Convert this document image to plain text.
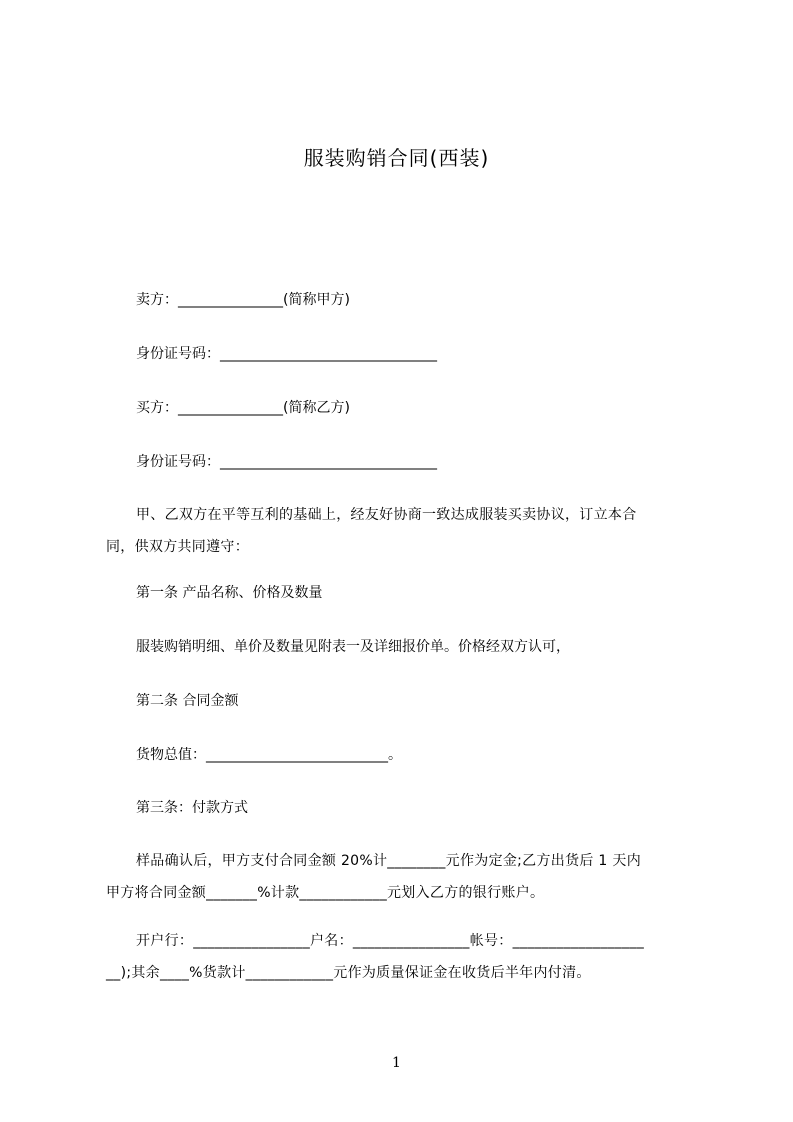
服装购销合同(西装)
卖方：_______________(简称甲方)
身份证号码：_______________________________
买方：_______________(简称乙方)
身份证号码：_______________________________
甲、乙双方在平等互利的基础上，经友好协商一致达成服装买卖协议，订立本合
同，供双方共同遵守：
第一条 产品名称、价格及数量
服装购销明细、单价及数量见附表一及详细报价单。价格经双方认可，
第二条 合同金额
货物总值：__________________________。
第三条：付款方式
样品确认后，甲方支付合同金额 20%计________元作为定金;乙方出货后 1 天内
甲方将合同金额_______%计款____________元划入乙方的银行账户。
开户行：________________户名：________________帐号：__________________
__);其余____%货款计____________元作为质量保证金在收货后半年内付清。
1
